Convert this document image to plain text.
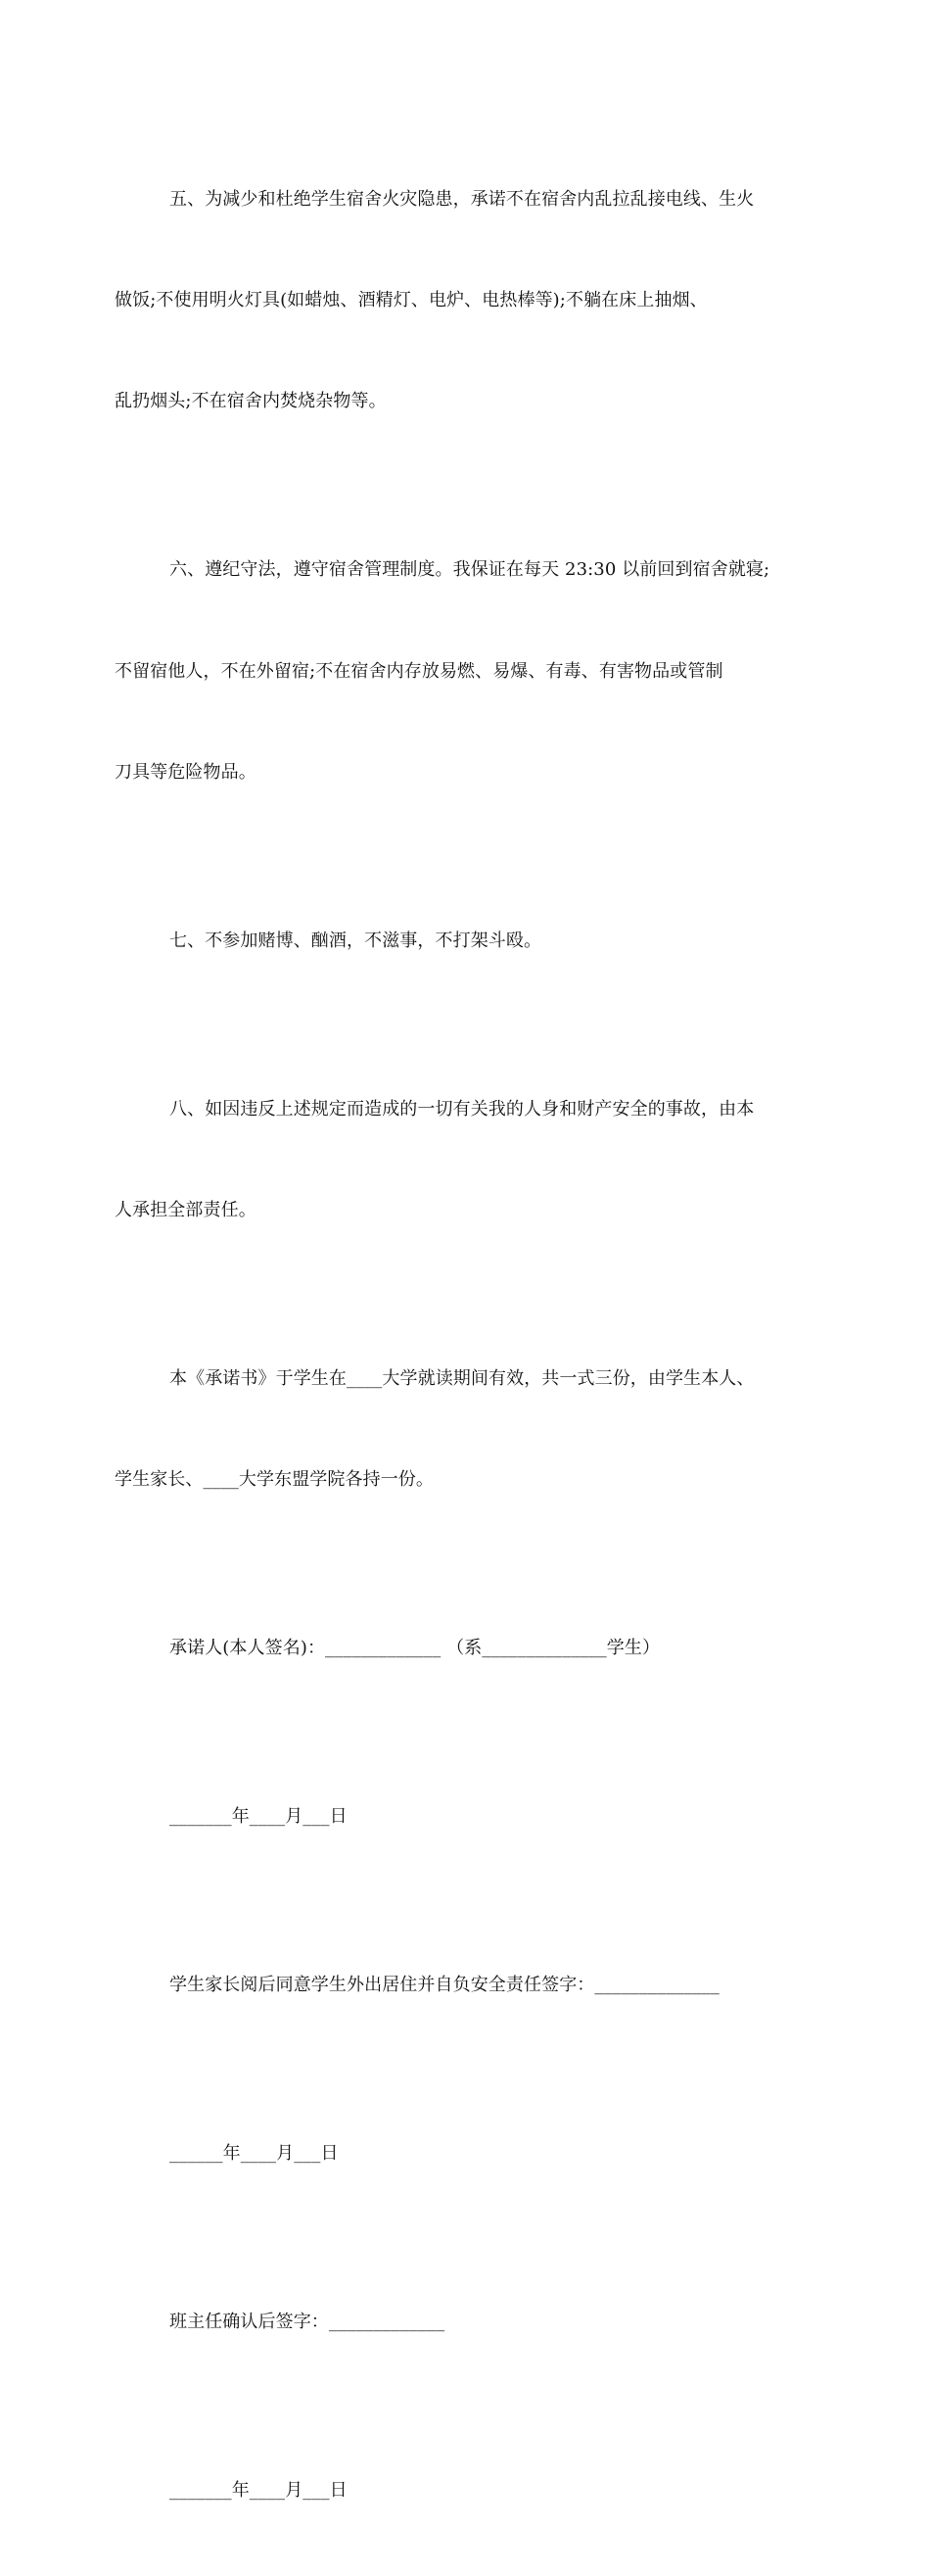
五、为减少和杜绝学生宿舍火灾隐患，承诺不在宿舍内乱拉乱接电线、生火

做饭;不使用明火灯具(如蜡烛、酒精灯、电炉、电热棒等);不躺在床上抽烟、

乱扔烟头;不在宿舍内焚烧杂物等。

六、遵纪守法，遵守宿舍管理制度。我保证在每天 23:30 以前回到宿舍就寝;

不留宿他人，不在外留宿;不在宿舍内存放易燃、易爆、有毒、有害物品或管制

刀具等危险物品。

七、不参加赌博、酗酒，不滋事，不打架斗殴。

八、如因违反上述规定而造成的一切有关我的人身和财产安全的事故，由本

人承担全部责任。

本《承诺书》于学生在____大学就读期间有效，共一式三份，由学生本人、

学生家长、____大学东盟学院各持一份。

承诺人(本人签名)：_____________ （系______________学生）

_______年____月___日

学生家长阅后同意学生外出居住并自负安全责任签字：______________

______年____月___日

班主任确认后签字：_____________

_______年____月___日
